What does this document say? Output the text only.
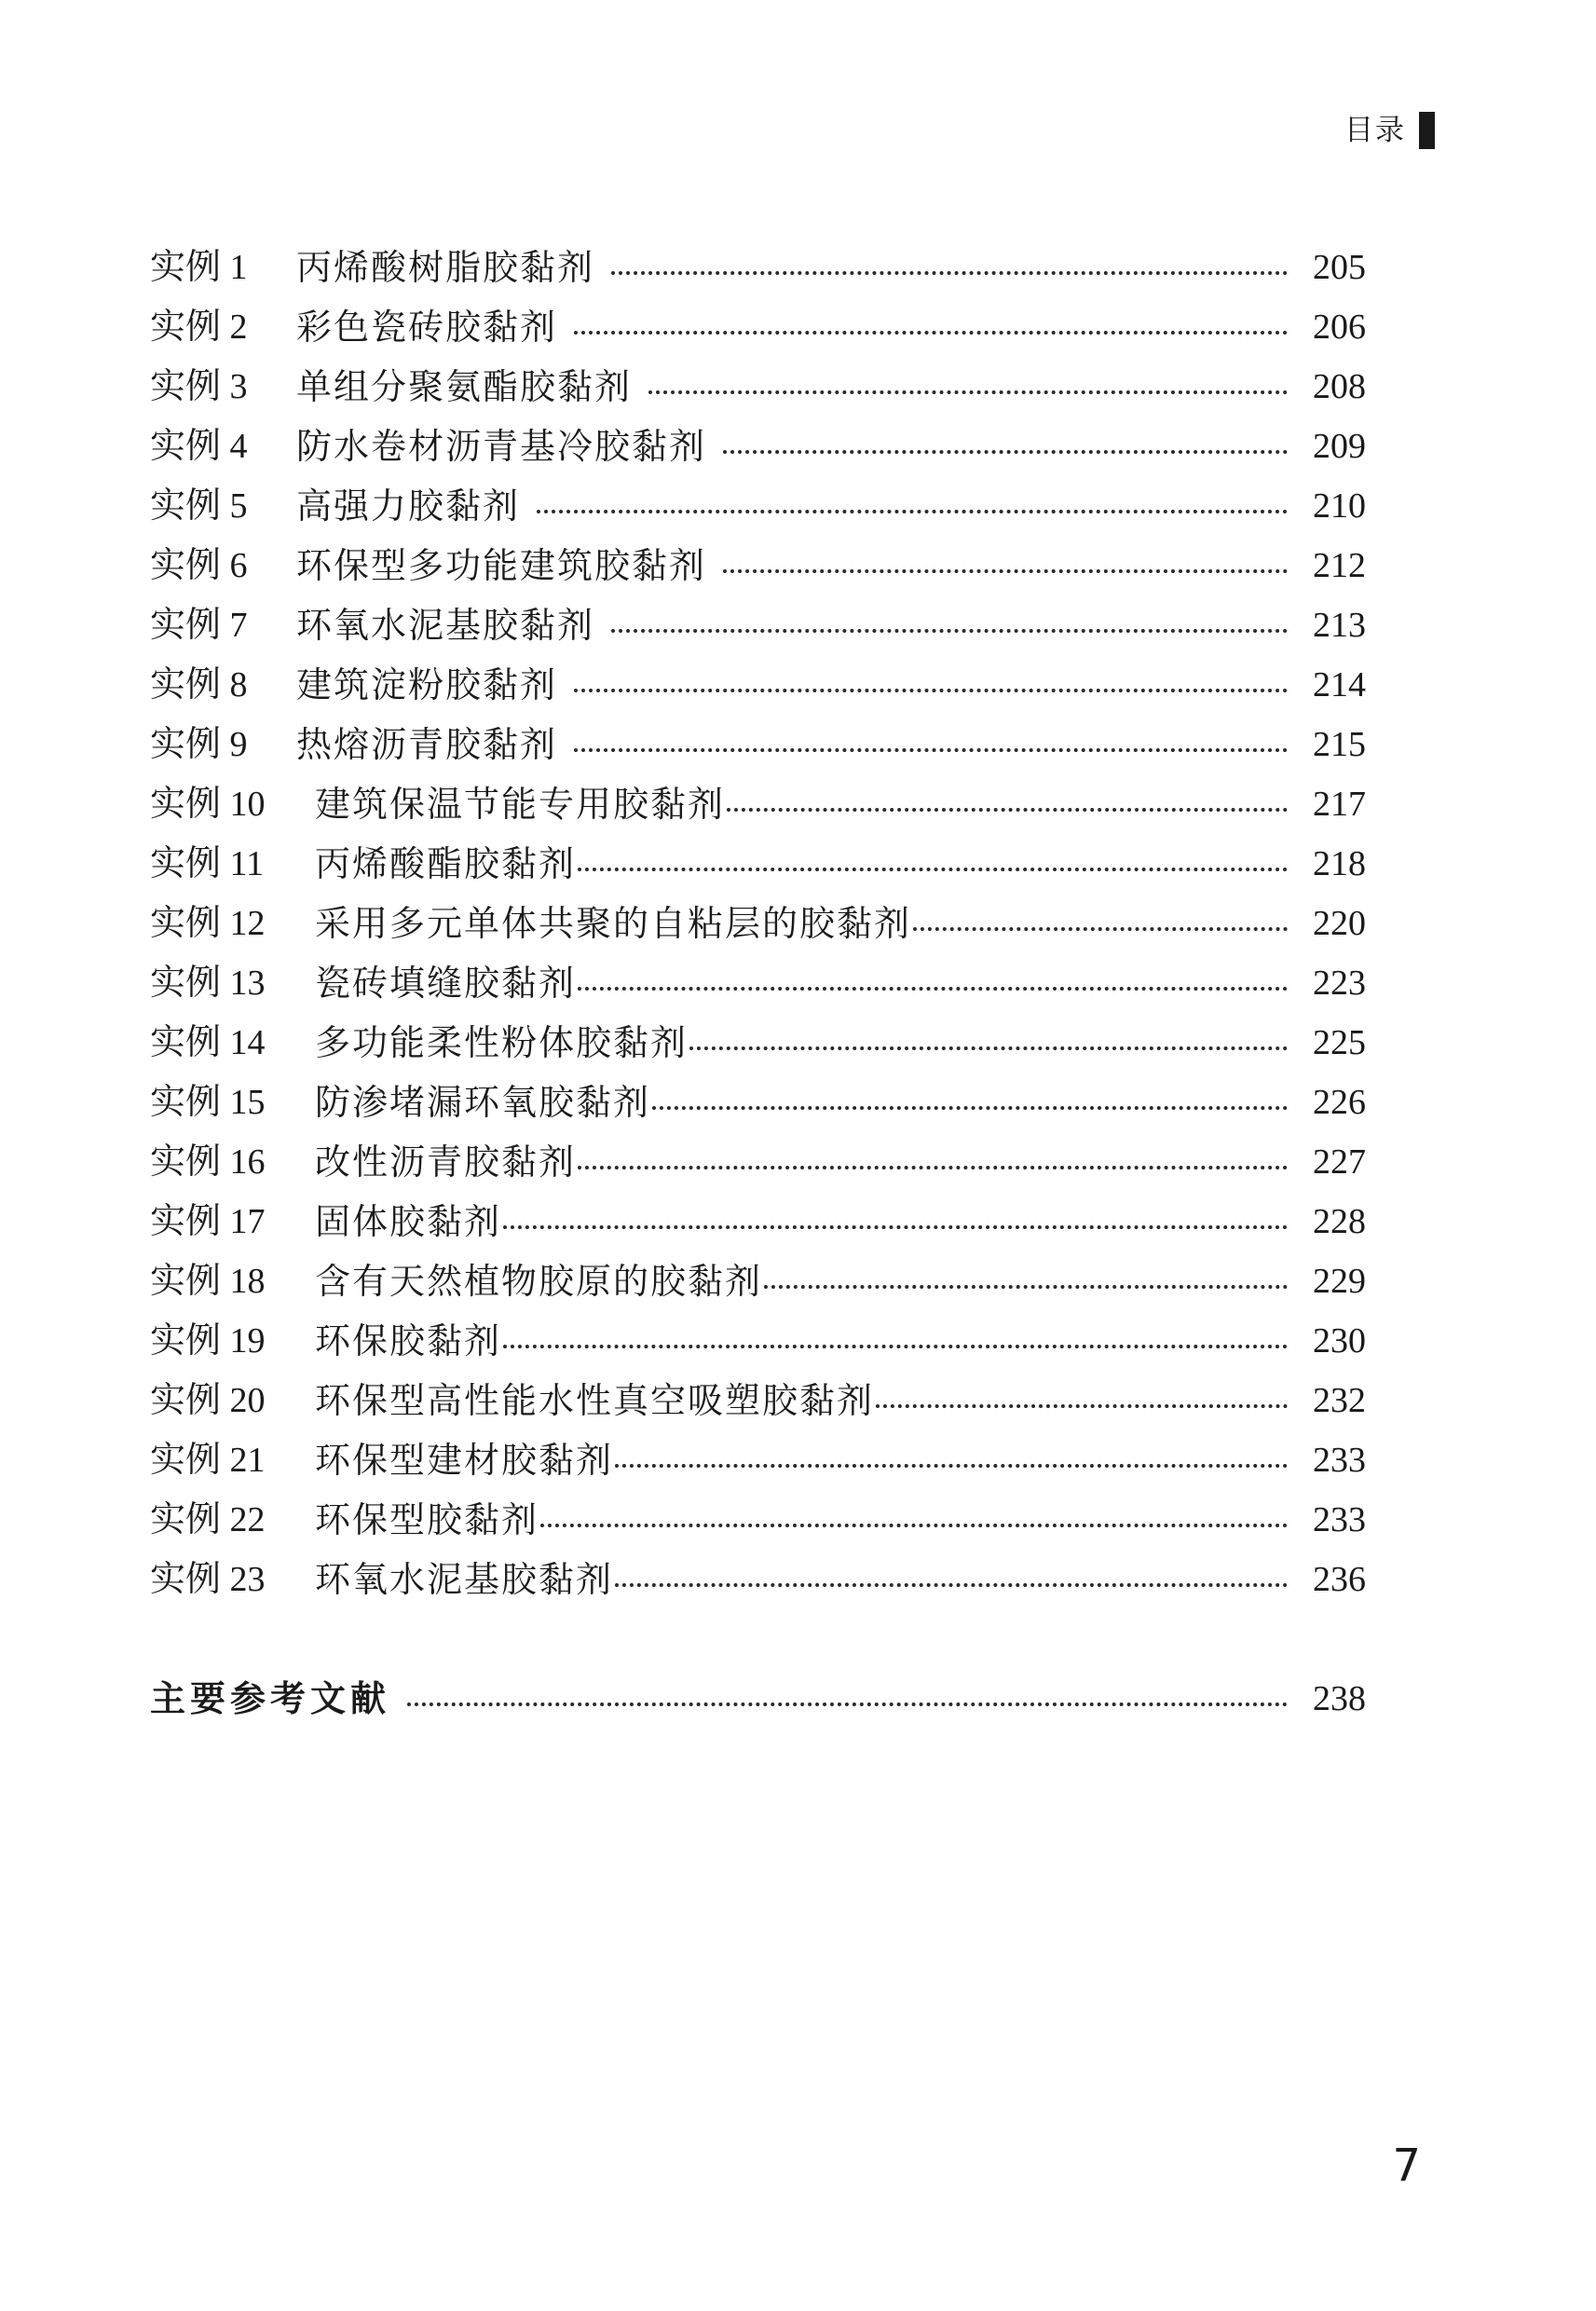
目录
实例 1	丙烯酸树脂胶黏剂	205
实例 2	彩色瓷砖胶黏剂	206
实例 3	单组分聚氨酯胶黏剂	208
实例 4	防水卷材沥青基冷胶黏剂	209
实例 5	高强力胶黏剂	210
实例 6	环保型多功能建筑胶黏剂	212
实例 7	环氧水泥基胶黏剂	213
实例 8	建筑淀粉胶黏剂	214
实例 9	热熔沥青胶黏剂	215
实例 10	建筑保温节能专用胶黏剂	217
实例 11	丙烯酸酯胶黏剂	218
实例 12	采用多元单体共聚的自粘层的胶黏剂	220
实例 13	瓷砖填缝胶黏剂	223
实例 14	多功能柔性粉体胶黏剂	225
实例 15	防渗堵漏环氧胶黏剂	226
实例 16	改性沥青胶黏剂	227
实例 17	固体胶黏剂	228
实例 18	含有天然植物胶原的胶黏剂	229
实例 19	环保胶黏剂	230
实例 20	环保型高性能水性真空吸塑胶黏剂	232
实例 21	环保型建材胶黏剂	233
实例 22	环保型胶黏剂	233
实例 23	环氧水泥基胶黏剂	236
主要参考文献	238
7
